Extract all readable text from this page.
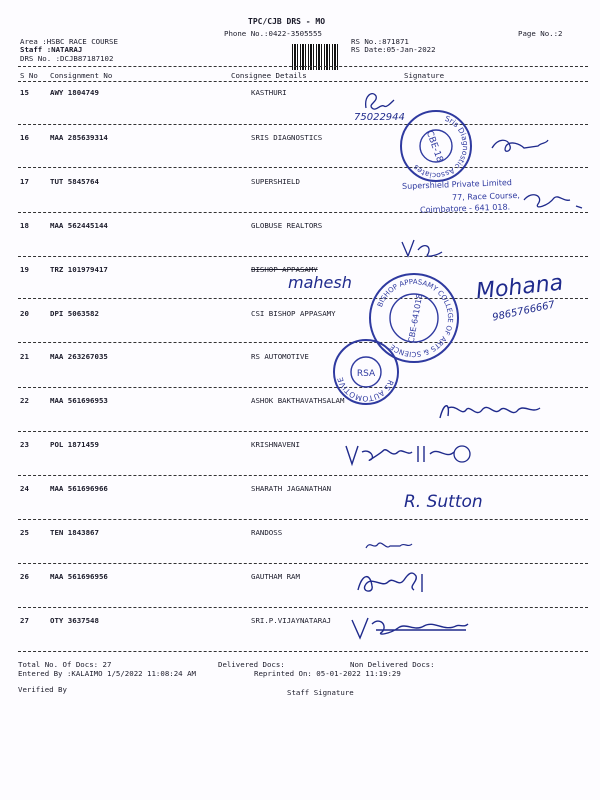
TPC/CJB DRS - MO
Phone No.:0422-3505555	Page No.:2
Area :HSBC RACE COURSE
Staff :NATARAJ
DRS No. :DCJB87187102
RS No.:871871
RS Date:05-Jan-2022
S No Consignment No	Consignee Details	Signature
15	AWY 1804749	KASTHURI
16	MAA 285639314	SRIS DIAGNOSTICS
17	TUT 5845764	SUPERSHIELD
18	MAA 562445144	GLOBUSE REALTORS
19	TRZ 101979417	BISHOP APPASAMY
20	DPI 5063582	CSI BISHOP APPASAMY
21	MAA 263267035	RS AUTOMOTIVE
22	MAA 561696953	ASHOK BAKTHAVATHSALAM
23	POL 1871459	KRISHNAVENI
24	MAA 561696966	SHARATH JAGANATHAN
25	TEN 1843867	RANDOSS
26	MAA 561696956	GAUTHAM RAM
27	OTY 3637548	SRI.P.VIJAYNATARAJ
Total No. Of Docs: 27	Delivered Docs:	Non Delivered Docs:
Entered By :KALAIMO 1/5/2022 11:08:24 AM	Reprinted On: 05-01-2022 11:19:29
Verified By	Staff Signature
75022944
CBE-18
Sris Diagnostic Associates
Supershield Private Limited
77, Race Course,
Coimbatore - 641 018.
mahesh
CBE-641018
BISHOP APPASAMY COLLEGE OF ARTS & SCIENCE
Mohana
9865766667
RSA
RS AUTOMOTIVE
R. Sutton
